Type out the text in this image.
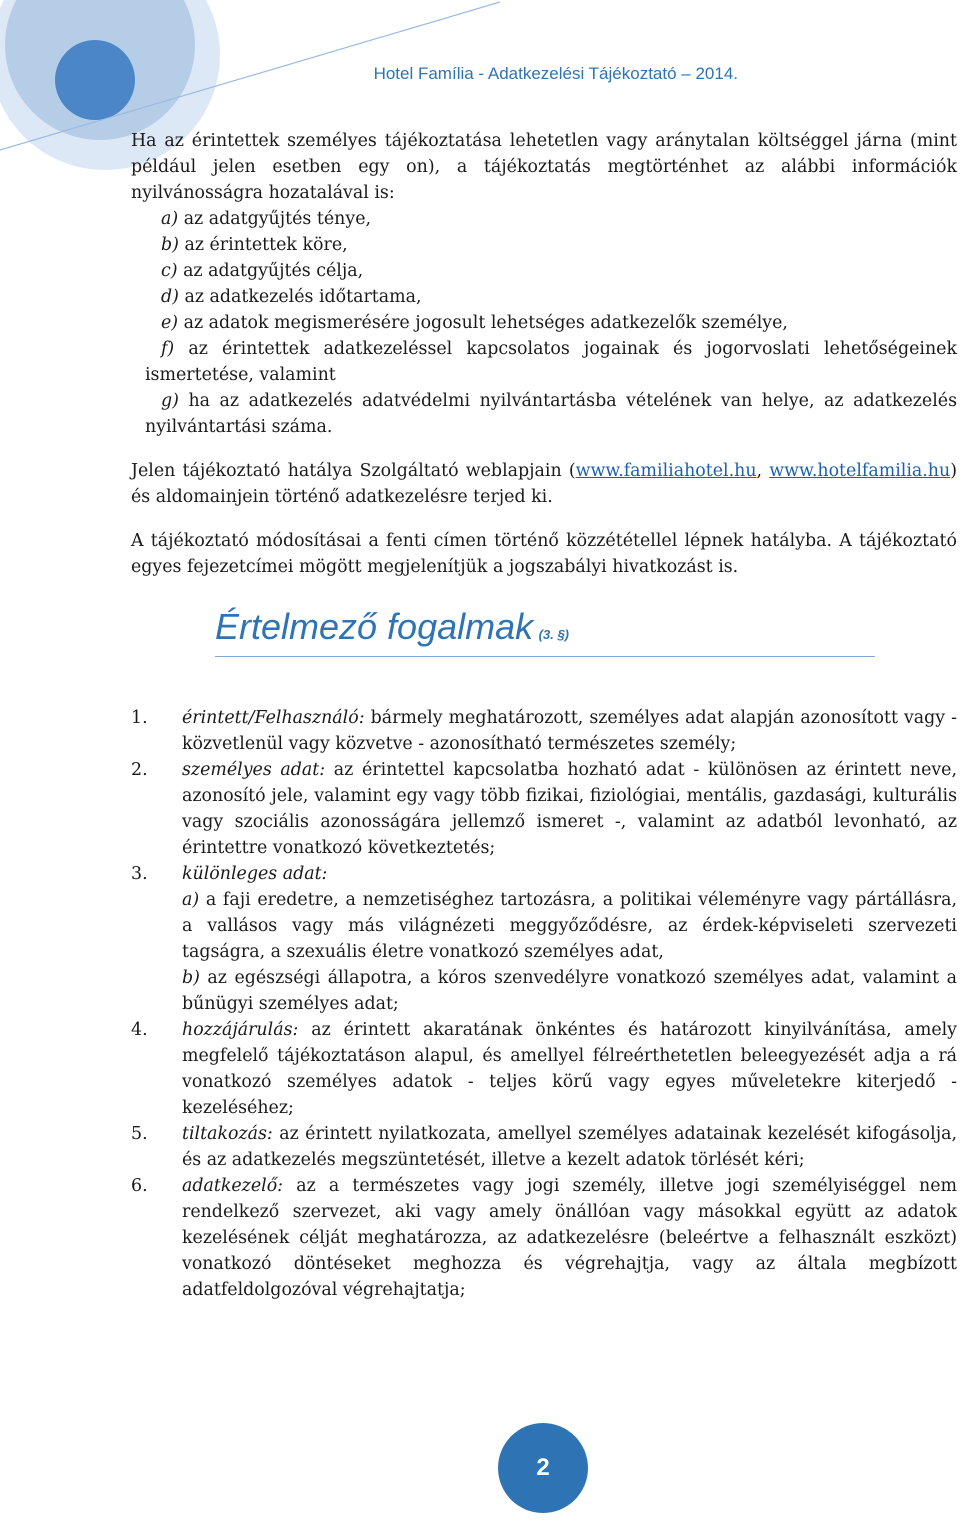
Hotel Família - Adatkezelési Tájékoztató – 2014.

Ha az érintettek személyes tájékoztatása lehetetlen vagy aránytalan költséggel járna (mint például jelen esetben egy on), a tájékoztatás megtörténhet az alábbi információk nyilvánosságra hozatalával is:

a) az adatgyűjtés ténye,
b) az érintettek köre,
c) az adatgyűjtés célja,
d) az adatkezelés időtartama,
e) az adatok megismerésére jogosult lehetséges adatkezelők személye,
f) az érintettek adatkezeléssel kapcsolatos jogainak és jogorvoslati lehetőségeinek ismertetése, valamint
g) ha az adatkezelés adatvédelmi nyilvántartásba vételének van helye, az adatkezelés nyilvántartási száma.

Jelen tájékoztató hatálya Szolgáltató weblapjain (www.familiahotel.hu, www.hotelfamilia.hu) és aldomainjein történő adatkezelésre terjed ki.

A tájékoztató módosításai a fenti címen történő közzététellel lépnek hatályba. A tájékoztató egyes fejezetcímei mögött megjelenítjük a jogszabályi hivatkozást is.

Értelmező fogalmak (3. §)
1.	érintett/Felhasználó: bármely meghatározott, személyes adat alapján azonosított vagy - közvetlenül vagy közvetve - azonosítható természetes személy;
2.	személyes adat: az érintettel kapcsolatba hozható adat - különösen az érintett neve, azonosító jele, valamint egy vagy több fizikai, fiziológiai, mentális, gazdasági, kulturális vagy szociális azonosságára jellemző ismeret -, valamint az adatból levonható, az érintettre vonatkozó következtetés;
3.	különleges adat:
a) a faji eredetre, a nemzetiséghez tartozásra, a politikai véleményre vagy pártállásra, a vallásos vagy más világnézeti meggyőződésre, az érdek-képviseleti szervezeti tagságra, a szexuális életre vonatkozó személyes adat,
b) az egészségi állapotra, a kóros szenvedélyre vonatkozó személyes adat, valamint a bűnügyi személyes adat;
4.	hozzájárulás: az érintett akaratának önkéntes és határozott kinyilvánítása, amely megfelelő tájékoztatáson alapul, és amellyel félreérthetetlen beleegyezését adja a rá vonatkozó személyes adatok - teljes körű vagy egyes műveletekre kiterjedő - kezeléséhez;
5.	tiltakozás: az érintett nyilatkozata, amellyel személyes adatainak kezelését kifogásolja, és az adatkezelés megszüntetését, illetve a kezelt adatok törlését kéri;
6.	adatkezelő: az a természetes vagy jogi személy, illetve jogi személyiséggel nem rendelkező szervezet, aki vagy amely önállóan vagy másokkal együtt az adatok kezelésének célját meghatározza, az adatkezelésre (beleértve a felhasznált eszközt) vonatkozó döntéseket meghozza és végrehajtja, vagy az általa megbízott adatfeldolgozóval végrehajtatja;
2
